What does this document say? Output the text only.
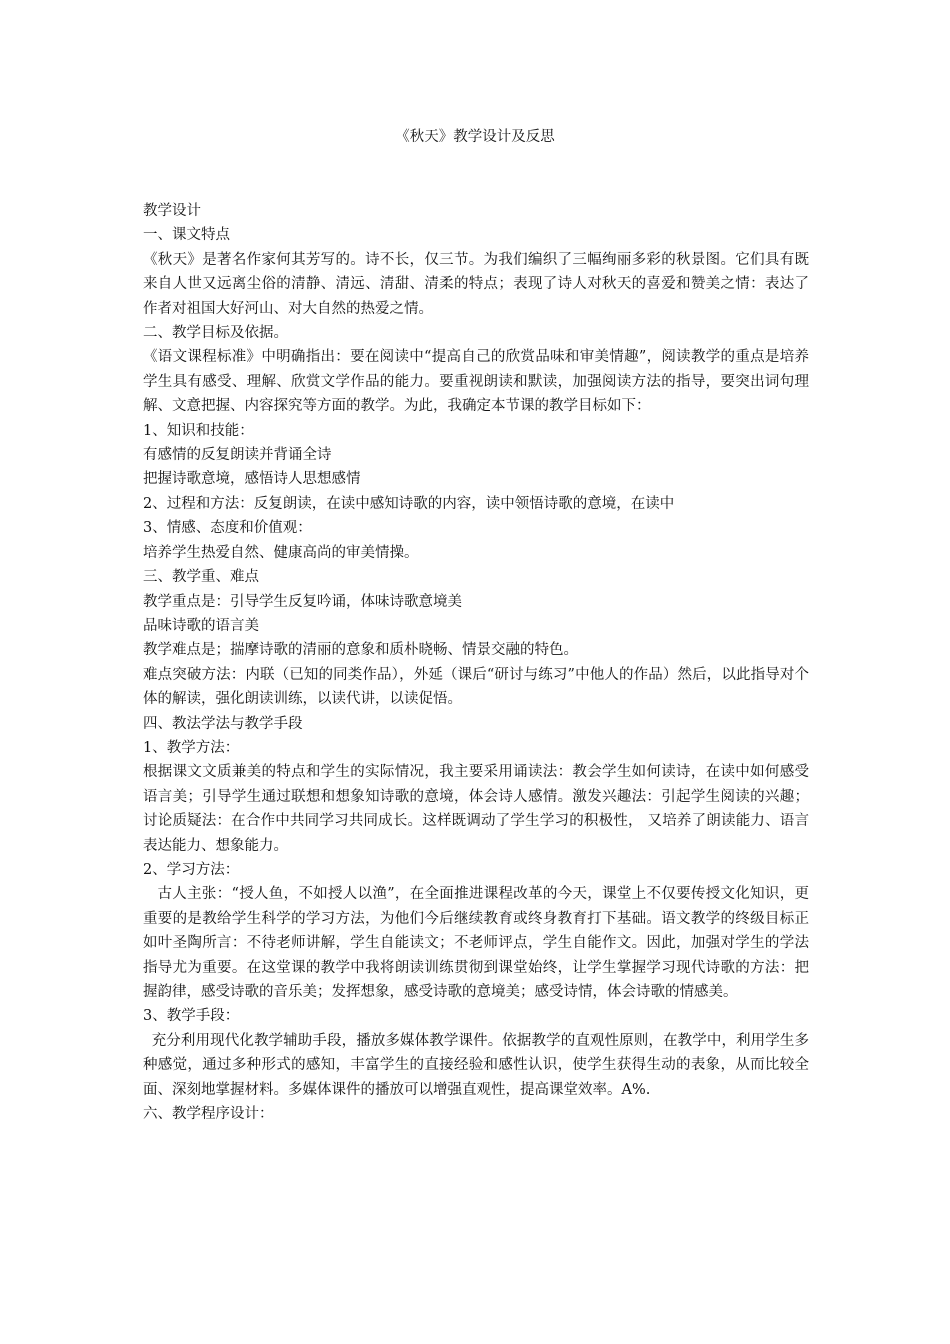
《秋天》教学设计及反思

教学设计

一、课文特点

《秋天》是著名作家何其芳写的。诗不长，仅三节。为我们编织了三幅绚丽多彩的秋景图。它们具有既来自人世又远离尘俗的清静、清远、清甜、清柔的特点；表现了诗人对秋天的喜爱和赞美之情：表达了作者对祖国大好河山、对大自然的热爱之情。

二、教学目标及依据。

《语文课程标准》中明确指出：要在阅读中“提高自己的欣赏品味和审美情趣”，阅读教学的重点是培养学生具有感受、理解、欣赏文学作品的能力。要重视朗读和默读，加强阅读方法的指导，要突出词句理解、文意把握、内容探究等方面的教学。为此，我确定本节课的教学目标如下：

1、知识和技能：

有感情的反复朗读并背诵全诗

把握诗歌意境，感悟诗人思想感情

2、过程和方法：反复朗读，在读中感知诗歌的内容，读中领悟诗歌的意境，在读中

3、情感、态度和价值观：

培养学生热爱自然、健康高尚的审美情操。

三、教学重、难点

教学重点是：引导学生反复吟诵，体味诗歌意境美

品味诗歌的语言美

教学难点是；揣摩诗歌的清丽的意象和质朴晓畅、情景交融的特色。

难点突破方法：内联（已知的同类作品），外延（课后“研讨与练习”中他人的作品）然后，以此指导对个体的解读，强化朗读训练，以读代讲，以读促悟。

四、教法学法与教学手段

1、教学方法：

根据课文文质兼美的特点和学生的实际情况，我主要采用诵读法：教会学生如何读诗，在读中如何感受语言美；引导学生通过联想和想象知诗歌的意境，体会诗人感情。激发兴趣法：引起学生阅读的兴趣；讨论质疑法：在合作中共同学习共同成长。这样既调动了学生学习的积极性， 又培养了朗读能力、语言表达能力、想象能力。

2、学习方法：

古人主张：“授人鱼，不如授人以渔”，在全面推进课程改革的今天，课堂上不仅要传授文化知识，更重要的是教给学生科学的学习方法，为他们今后继续教育或终身教育打下基础。语文教学的终级目标正如叶圣陶所言：不待老师讲解，学生自能读文；不老师评点，学生自能作文。因此，加强对学生的学法指导尤为重要。在这堂课的教学中我将朗读训练贯彻到课堂始终，让学生掌握学习现代诗歌的方法：把握韵律，感受诗歌的音乐美；发挥想象，感受诗歌的意境美；感受诗情，体会诗歌的情感美。

3、教学手段：

充分利用现代化教学辅助手段，播放多媒体教学课件。依据教学的直观性原则，在教学中，利用学生多种感觉，通过多种形式的感知，丰富学生的直接经验和感性认识，使学生获得生动的表象，从而比较全面、深刻地掌握材料。多媒体课件的播放可以增强直观性，提高课堂效率。A%.

六、教学程序设计：
